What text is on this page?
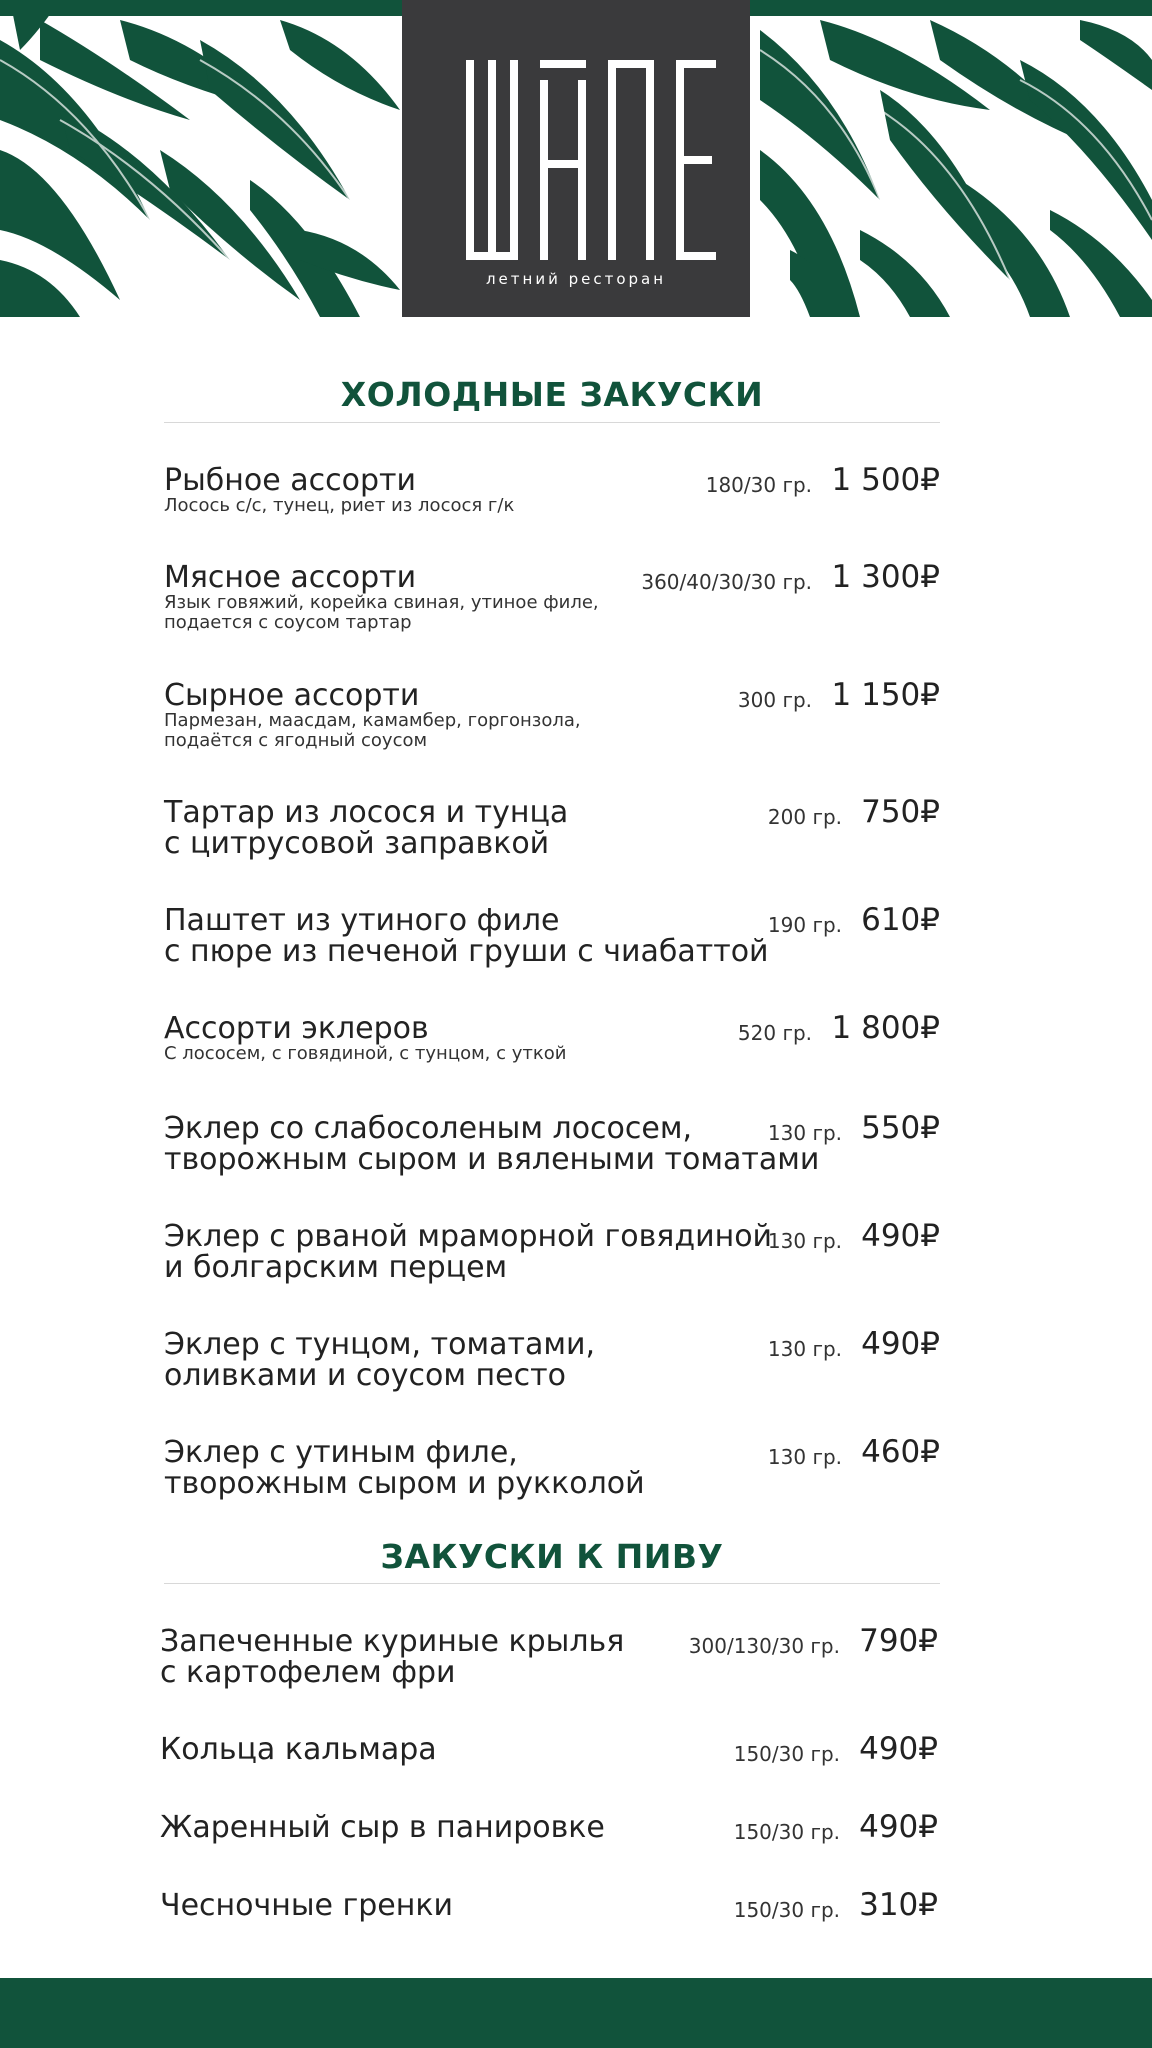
летний ресторан
ХОЛОДНЫЕ ЗАКУСКИ
Рыбное ассорти
Лосось с/с, тунец, риет из лосося г/к
180/30 гр. 1 500₽
Мясное ассорти
Язык говяжий, корейка свиная, утиное филе,
подается с соусом тартар
360/40/30/30 гр. 1 300₽
Сырное ассорти
Пармезан, маасдам, камамбер, горгонзола,
подаётся с ягодный соусом
300 гр. 1 150₽
Тартар из лосося и тунца
с цитрусовой заправкой
200 гр. 750₽
Паштет из утиного филе
с пюре из печеной груши с чиабаттой
190 гр. 610₽
Ассорти эклеров
С лососем, с говядиной, с тунцом, с уткой
520 гр. 1 800₽
Эклер со слабосоленым лососем,
творожным сыром и вялеными томатами
130 гр. 550₽
Эклер с рваной мраморной говядиной
и болгарским перцем
130 гр. 490₽
Эклер с тунцом, томатами,
оливками и соусом песто
130 гр. 490₽
Эклер с утиным филе,
творожным сыром и рукколой
130 гр. 460₽
ЗАКУСКИ К ПИВУ
Запеченные куриные крылья
с картофелем фри
300/130/30 гр. 790₽
Кольца кальмара	150/30 гр. 490₽
Жаренный сыр в панировке	150/30 гр. 490₽
Чесночные гренки	150/30 гр. 310₽
